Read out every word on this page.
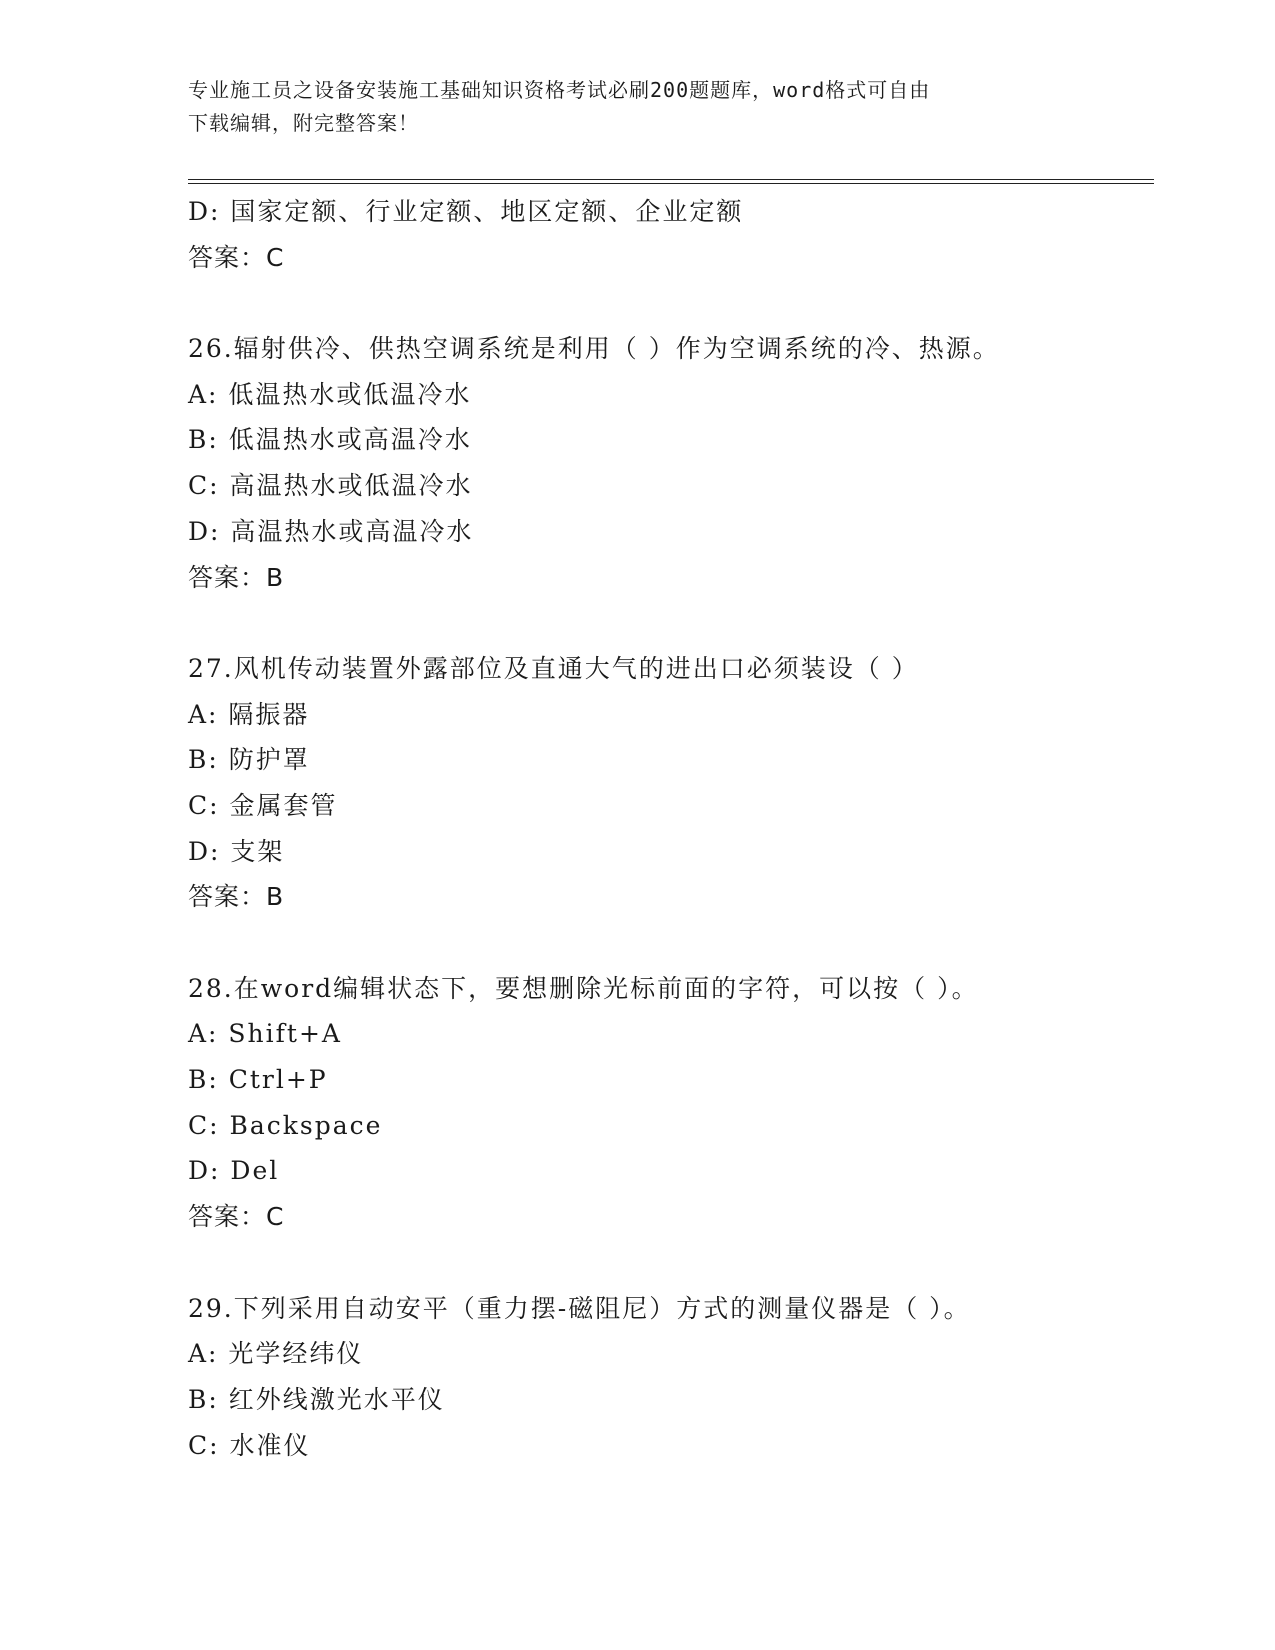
专业施工员之设备安装施工基础知识资格考试必刷200题题库，word格式可自由
下载编辑，附完整答案！
D: 国家定额、行业定额、地区定额、企业定额
答案：C
26.辐射供冷、供热空调系统是利用（ ）作为空调系统的冷、热源。
A: 低温热水或低温冷水
B: 低温热水或高温冷水
C: 高温热水或低温冷水
D: 高温热水或高温冷水
答案：B
27.风机传动装置外露部位及直通大气的进出口必须装设（ ）
A: 隔振器
B: 防护罩
C: 金属套管
D: 支架
答案：B
28.在word编辑状态下，要想删除光标前面的字符，可以按（ ）。
A: Shift+A
B: Ctrl+P
C: Backspace
D: Del
答案：C
29.下列采用自动安平（重力摆-磁阻尼）方式的测量仪器是（ ）。
A: 光学经纬仪
B: 红外线激光水平仪
C: 水准仪
